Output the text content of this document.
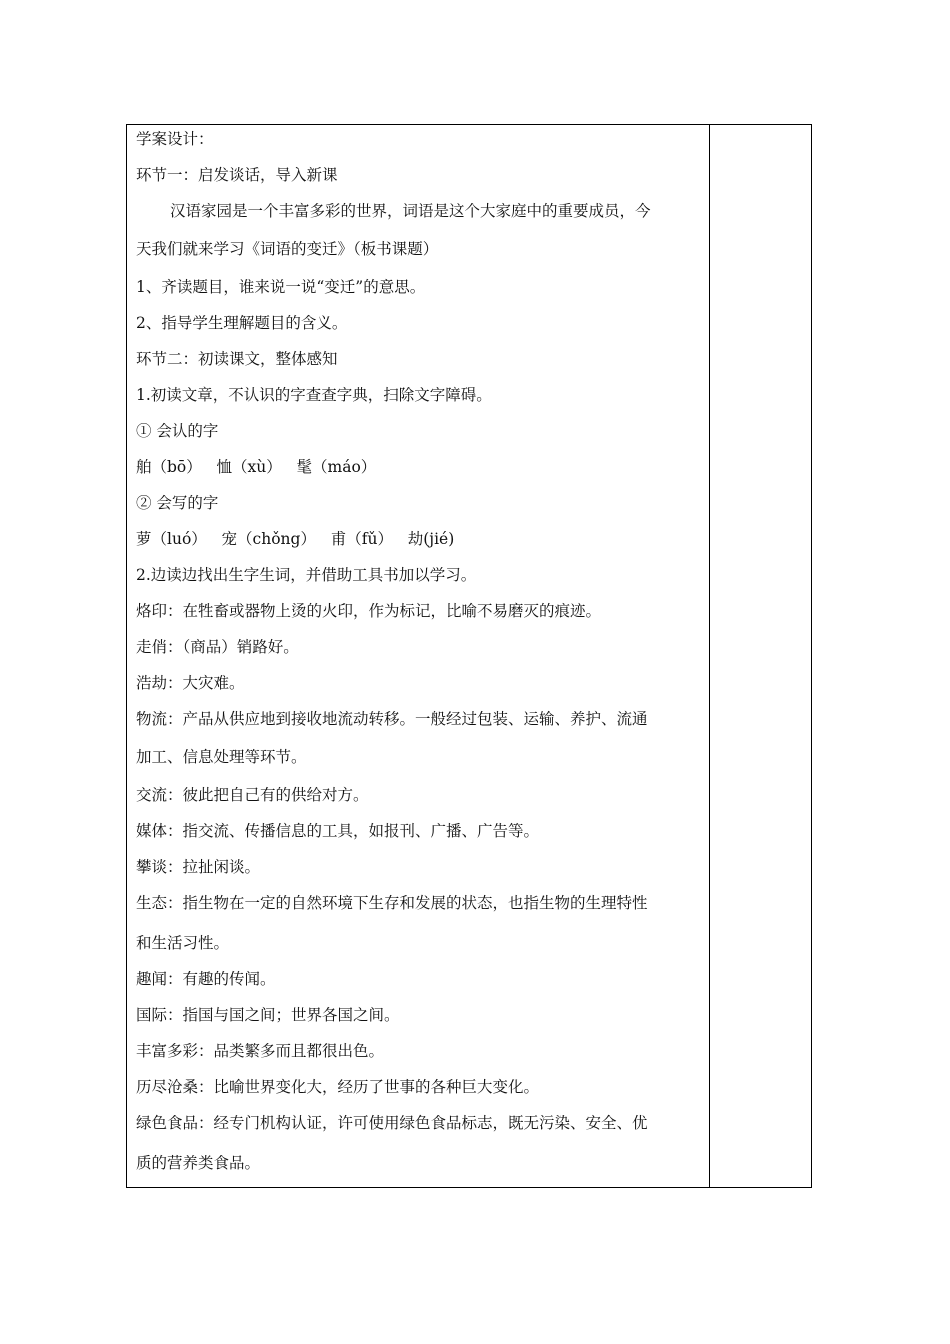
学案设计：
环节一：启发谈话，导入新课
汉语家园是一个丰富多彩的世界，词语是这个大家庭中的重要成员，今
天我们就来学习《词语的变迁》（板书课题）
1、齐读题目，谁来说一说“变迁”的意思。
2、指导学生理解题目的含义。
环节二：初读课文，整体感知
1.初读文章，不认识的字查查字典，扫除文字障碍。
① 会认的字
舶（bō）   恤（xù）   髦（máo）
② 会写的字
萝（luó）   宠（chǒng）   甫（fǔ）   劫(jié)
2.边读边找出生字生词，并借助工具书加以学习。
烙印：在牲畜或器物上烫的火印，作为标记，比喻不易磨灭的痕迹。
走俏：（商品）销路好。
浩劫：大灾难。
物流：产品从供应地到接收地流动转移。一般经过包装、运输、养护、流通
加工、信息处理等环节。
交流：彼此把自己有的供给对方。
媒体：指交流、传播信息的工具，如报刊、广播、广告等。
攀谈：拉扯闲谈。
生态：指生物在一定的自然环境下生存和发展的状态，也指生物的生理特性
和生活习性。
趣闻：有趣的传闻。
国际：指国与国之间；世界各国之间。
丰富多彩：品类繁多而且都很出色。
历尽沧桑：比喻世界变化大，经历了世事的各种巨大变化。
绿色食品：经专门机构认证，许可使用绿色食品标志，既无污染、安全、优
质的营养类食品。
